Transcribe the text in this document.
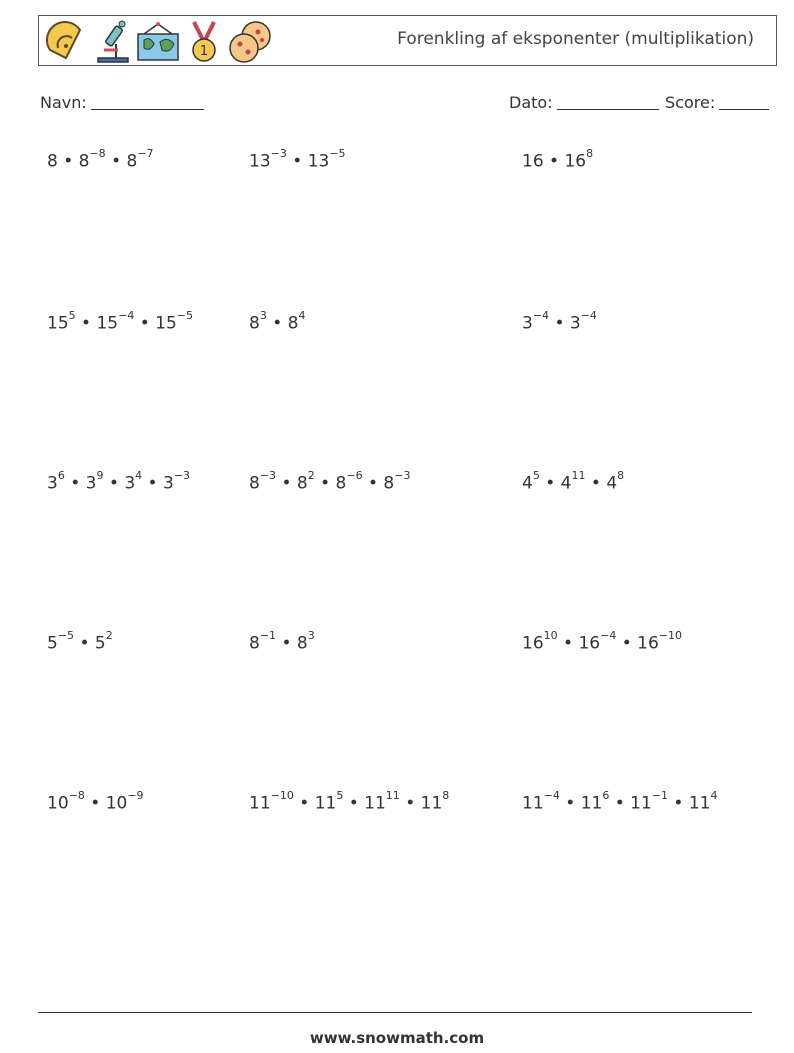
1
Forenkling af eksponenter (multiplikation)
Navn:	Dato:	Score:
8 • $8^{-8}$ • $8^{-7}$	$13^{-3}$ • $13^{-5}$	16 • $16^8$
$15^5$ • $15^{-4}$ • $15^{-5}$	$8^3$ • $8^4$	$3^{-4}$ • $3^{-4}$
$3^6$ • $3^9$ • $3^4$ • $3^{-3}$	$8^{-3}$ • $8^2$ • $8^{-6}$ • $8^{-3}$	$4^5$ • $4^{11}$ • $4^8$
$5^{-5}$ • $5^2$	$8^{-1}$ • $8^3$	$16^{10}$ • $16^{-4}$ • $16^{-10}$
$10^{-8}$ • $10^{-9}$	$11^{-10}$ • $11^5$ • $11^{11}$ • $11^8$	$11^{-4}$ • $11^6$ • $11^{-1}$ • $11^4$
www.snowmath.com
